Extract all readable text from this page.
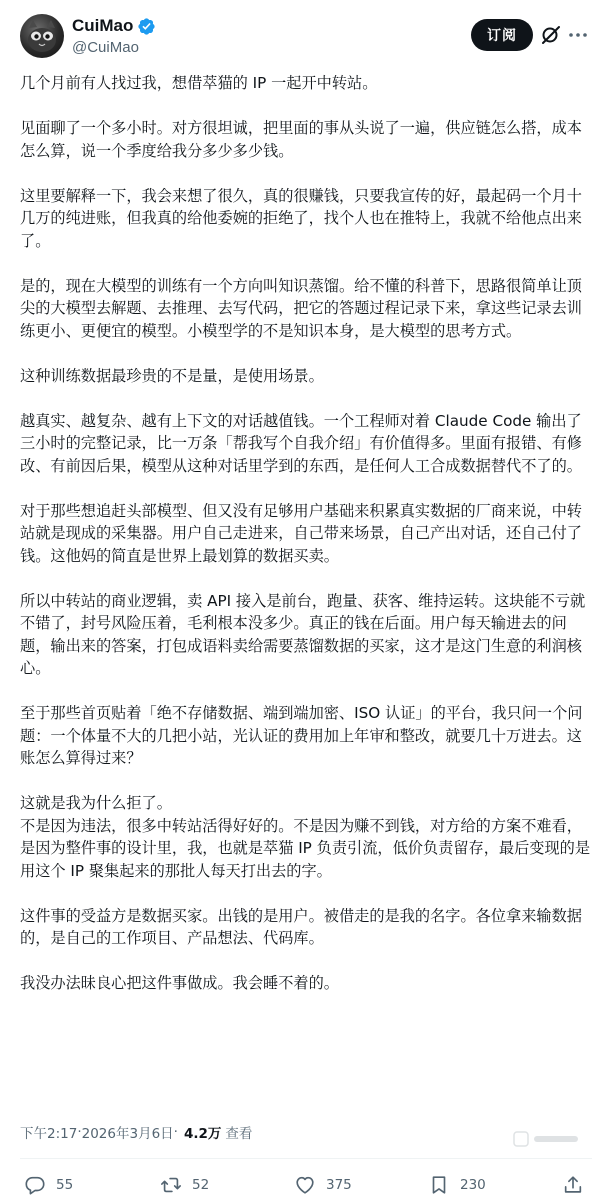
CuiMao
@CuiMao
订阅

几个月前有人找过我，想借萃猫的 IP 一起开中转站。

见面聊了一个多小时。对方很坦诚，把里面的事从头说了一遍，供应链怎么搭，成本怎么算，说一个季度给我分多少多少钱。

这里要解释一下，我会来想了很久，真的很赚钱，只要我宣传的好，最起码一个月十几万的纯进账，但我真的给他委婉的拒绝了，找个人也在推特上，我就不给他点出来了。

是的，现在大模型的训练有一个方向叫知识蒸馏。给不懂的科普下，思路很简单让顶尖的大模型去解题、去推理、去写代码，把它的答题过程记录下来，拿这些记录去训练更小、更便宜的模型。小模型学的不是知识本身，是大模型的思考方式。

这种训练数据最珍贵的不是量，是使用场景。

越真实、越复杂、越有上下文的对话越值钱。一个工程师对着 Claude Code 输出了三小时的完整记录，比一万条「帮我写个自我介绍」有价值得多。里面有报错、有修改、有前因后果，模型从这种对话里学到的东西，是任何人工合成数据替代不了的。

对于那些想追赶头部模型、但又没有足够用户基础来积累真实数据的厂商来说，中转站就是现成的采集器。用户自己走进来，自己带来场景，自己产出对话，还自己付了钱。这他妈的简直是世界上最划算的数据买卖。

所以中转站的商业逻辑，卖 API 接入是前台，跑量、获客、维持运转。这块能不亏就不错了，封号风险压着，毛利根本没多少。真正的钱在后面。用户每天输进去的问题，输出来的答案，打包成语料卖给需要蒸馏数据的买家，这才是这门生意的利润核心。

至于那些首页贴着「绝不存储数据、端到端加密、ISO 认证」的平台，我只问一个问题：一个体量不大的几把小站，光认证的费用加上年审和整改，就要几十万进去。这账怎么算得过来？

这就是我为什么拒了。

不是因为违法，很多中转站活得好好的。不是因为赚不到钱，对方给的方案不难看，是因为整件事的设计里，我，也就是萃猫 IP 负责引流，低价负责留存，最后变现的是用这个 IP 聚集起来的那批人每天打出去的字。

这件事的受益方是数据买家。出钱的是用户。被借走的是我的名字。各位拿来输数据的，是自己的工作项目、产品想法、代码库。

我没办法昧良心把这件事做成。我会睡不着的。

下午2:17 · 2026年3月6日 · 4.2万 查看
55	52	375	230
